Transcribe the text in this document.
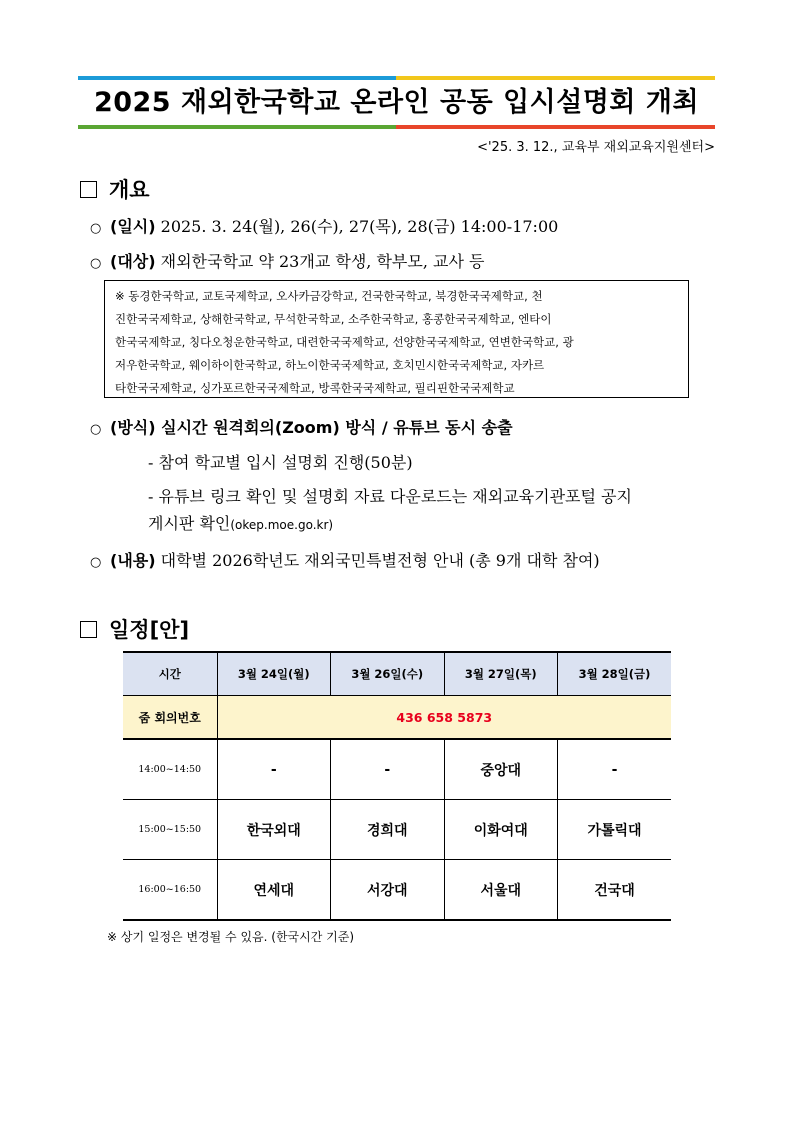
2025 재외한국학교 온라인 공동 입시설명회 개최
<'25. 3. 12., 교육부 재외교육지원센터>
개요
○ (일시) 2025. 3. 24(월), 26(수), 27(목), 28(금) 14:00-17:00
○ (대상) 재외한국학교 약 23개교 학생, 학부모, 교사 등
※ 동경한국학교, 교토국제학교, 오사카금강학교, 건국한국학교, 북경한국국제학교, 천
진한국국제학교, 상해한국학교, 무석한국학교, 소주한국학교, 홍콩한국국제학교, 엔타이
한국국제학교, 칭다오청운한국학교, 대련한국국제학교, 선양한국국제학교, 연변한국학교, 광
저우한국학교, 웨이하이한국학교, 하노이한국국제학교, 호치민시한국국제학교, 자카르
타한국국제학교, 싱가포르한국국제학교, 방콕한국국제학교, 필리핀한국국제학교
○ (방식) 실시간 원격회의(Zoom) 방식 / 유튜브 동시 송출
- 참여 학교별 입시 설명회 진행(50분)
- 유튜브 링크 확인 및 설명회 자료 다운로드는 재외교육기관포털 공지
게시판 확인(okep.moe.go.kr)
○ (내용) 대학별 2026학년도 재외국민특별전형 안내 (총 9개 대학 참여)
일정[안]
시간	3월 24일(월)	3월 26일(수)	3월 27일(목)	3월 28일(금)
줌 회의번호	436 658 5873			
14:00~14:50	-	-	중앙대	-
15:00~15:50	한국외대	경희대	이화여대	가톨릭대
16:00~16:50	연세대	서강대	서울대	건국대
※ 상기 일정은 변경될 수 있음. (한국시간 기준)
